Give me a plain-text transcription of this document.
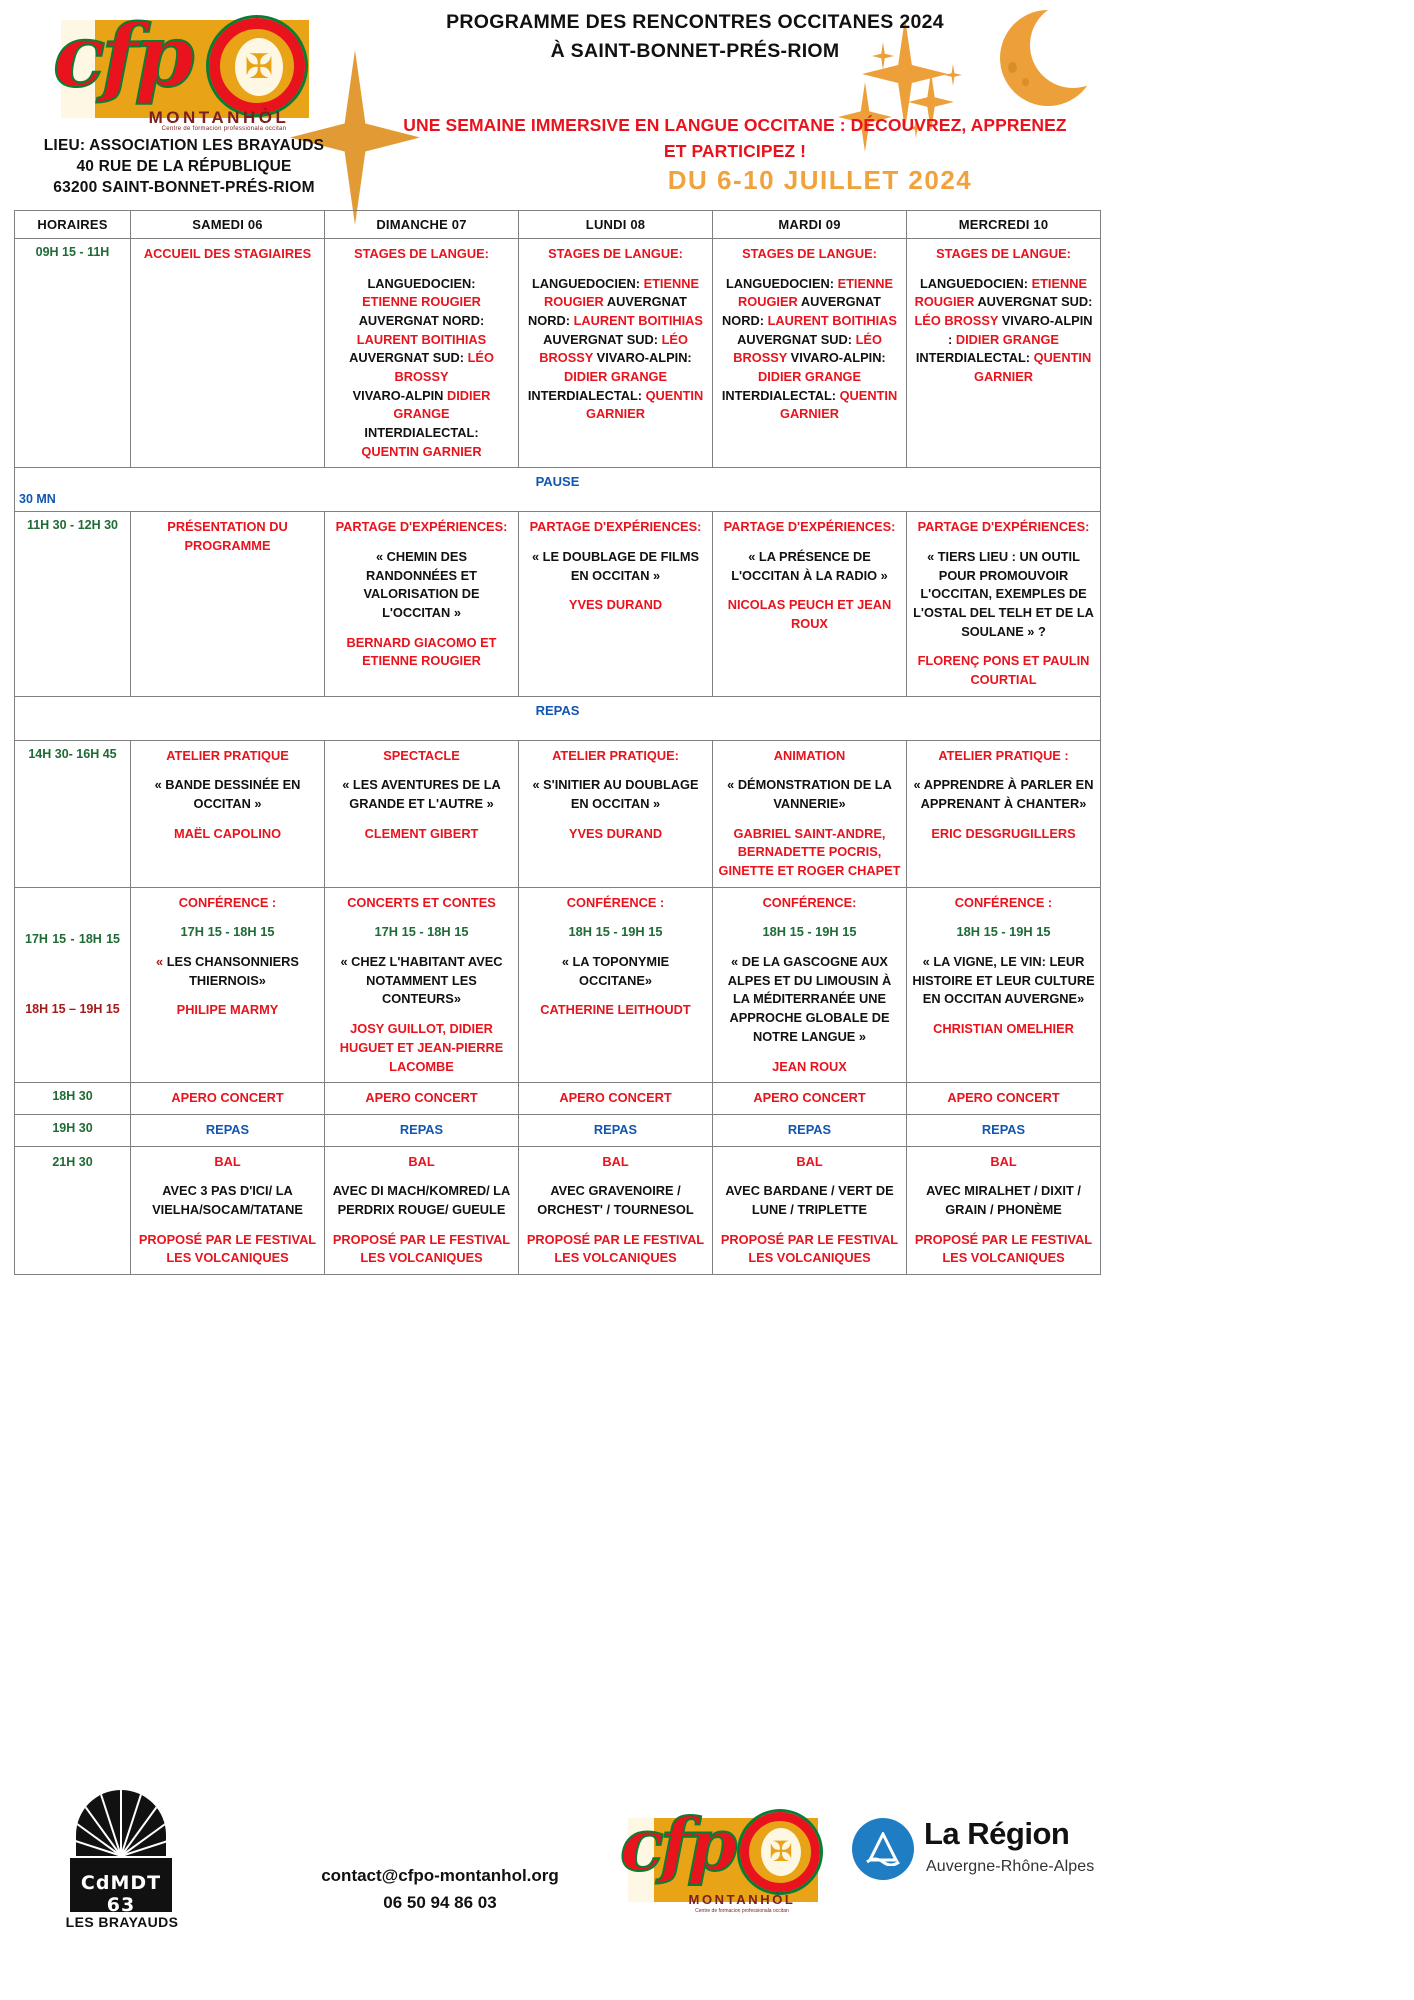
cfp	✠
MONTANHÒL
Centre de formacion professionala occitan
LIEU: ASSOCIATION LES BRAYAUDS
40 RUE DE LA RÉPUBLIQUE
63200 SAINT-BONNET-PRÉS-RIOM
PROGRAMME DES RENCONTRES OCCITANES 2024
À SAINT-BONNET-PRÉS-RIOM
UNE SEMAINE IMMERSIVE EN LANGUE OCCITANE : DÉCOUVREZ, APPRENEZ
ET PARTICIPEZ !
DU 6-10 JUILLET 2024
HORAIRES	SAMEDI 06	DIMANCHE 07	LUNDI 08	MARDI 09	MERCREDI 10
09H 15 - 11H	ACCUEIL DES STAGIAIRES	STAGES DE LANGUE:
LANGUEDOCIEN:
ETIENNE ROUGIER
AUVERGNAT NORD:
LAURENT BOITIHIAS
AUVERGNAT SUD: LÉO BROSSY
VIVARO-ALPIN DIDIER GRANGE
INTERDIALECTAL:
QUENTIN GARNIER	STAGES DE LANGUE:
LANGUEDOCIEN: ETIENNE ROUGIER AUVERGNAT NORD: LAURENT BOITIHIAS AUVERGNAT SUD: LÉO BROSSY VIVARO-ALPIN: DIDIER GRANGE INTERDIALECTAL: QUENTIN GARNIER	STAGES DE LANGUE:
LANGUEDOCIEN: ETIENNE ROUGIER AUVERGNAT NORD: LAURENT BOITIHIAS AUVERGNAT SUD: LÉO BROSSY VIVARO-ALPIN: DIDIER GRANGE INTERDIALECTAL: QUENTIN GARNIER	STAGES DE LANGUE:
LANGUEDOCIEN: ETIENNE ROUGIER AUVERGNAT SUD: LÉO BROSSY VIVARO-ALPIN : DIDIER GRANGE INTERDIALECTAL: QUENTIN GARNIER

PAUSE
30 MN					

11H 30 - 12H 30	PRÉSENTATION DU PROGRAMME	PARTAGE D'EXPÉRIENCES:
« CHEMIN DES RANDONNÉES ET VALORISATION DE L'OCCITAN »
BERNARD GIACOMO ET ETIENNE ROUGIER	PARTAGE D'EXPÉRIENCES:
« LE DOUBLAGE DE FILMS EN OCCITAN »
YVES DURAND	PARTAGE D'EXPÉRIENCES:
« LA PRÉSENCE DE L'OCCITAN À LA RADIO »
NICOLAS PEUCH ET JEAN ROUX	PARTAGE D'EXPÉRIENCES:
« TIERS LIEU : UN OUTIL POUR PROMOUVOIR L'OCCITAN, EXEMPLES DE L'OSTAL DEL TELH ET DE LA SOULANE » ?
FLORENÇ PONS ET PAULIN COURTIAL

REPAS					

14H 30- 16H 45	ATELIER PRATIQUE
« BANDE DESSINÉE EN OCCITAN »
MAËL CAPOLINO	SPECTACLE
« LES AVENTURES DE LA GRANDE ET L'AUTRE »
CLEMENT GIBERT	ATELIER PRATIQUE:
« S'INITIER AU DOUBLAGE EN OCCITAN »
YVES DURAND	ANIMATION
« DÉMONSTRATION DE LA VANNERIE»
GABRIEL SAINT-ANDRE, BERNADETTE POCRIS, GINETTE ET ROGER CHAPET	ATELIER PRATIQUE :
« APPRENDRE À PARLER EN APPRENANT À CHANTER»
ERIC DESGRUGILLERS
17H 15 - 18H 15
18H 15 – 19H 15	CONFÉRENCE :
17H 15 - 18H 15
« LES CHANSONNIERS THIERNOIS»
PHILIPE MARMY	CONCERTS ET CONTES
17H 15 - 18H 15
« CHEZ L'HABITANT AVEC NOTAMMENT LES CONTEURS»
JOSY GUILLOT, DIDIER HUGUET ET JEAN-PIERRE LACOMBE	CONFÉRENCE :
18H 15 - 19H 15
« LA TOPONYMIE OCCITANE»
CATHERINE LEITHOUDT	CONFÉRENCE:
18H 15 - 19H 15
« DE LA GASCOGNE AUX ALPES ET DU LIMOUSIN À LA MÉDITERRANÉE UNE APPROCHE GLOBALE DE NOTRE LANGUE »
JEAN ROUX	CONFÉRENCE :
18H 15 - 19H 15
« LA VIGNE, LE VIN: LEUR HISTOIRE ET LEUR CULTURE EN OCCITAN AUVERGNE»
CHRISTIAN OMELHIER
18H 30	APERO CONCERT	APERO CONCERT	APERO CONCERT	APERO CONCERT	APERO CONCERT
19H 30	REPAS	REPAS	REPAS	REPAS	REPAS
21H 30	BAL
AVEC 3 PAS D'ICI/ LA VIELHA/SOCAM/TATANE
PROPOSÉ PAR LE FESTIVAL LES VOLCANIQUES	BAL
AVEC DI MACH/KOMRED/ LA PERDRIX ROUGE/ GUEULE
PROPOSÉ PAR LE FESTIVAL LES VOLCANIQUES	BAL
AVEC GRAVENOIRE / ORCHEST' / TOURNESOL
PROPOSÉ PAR LE FESTIVAL LES VOLCANIQUES	BAL
AVEC BARDANE / VERT DE LUNE / TRIPLETTE
PROPOSÉ PAR LE FESTIVAL LES VOLCANIQUES	BAL
AVEC MIRALHET / DIXIT / GRAIN / PHONÈME
PROPOSÉ PAR LE FESTIVAL LES VOLCANIQUES
CdMDT 63
LES BRAYAUDS
contact@cfpo-montanhol.org
06 50 94 86 03
cfp	✠
MONTANHÒL
Centre de formacion professionala occitan
La Région
Auvergne-Rhône-Alpes
